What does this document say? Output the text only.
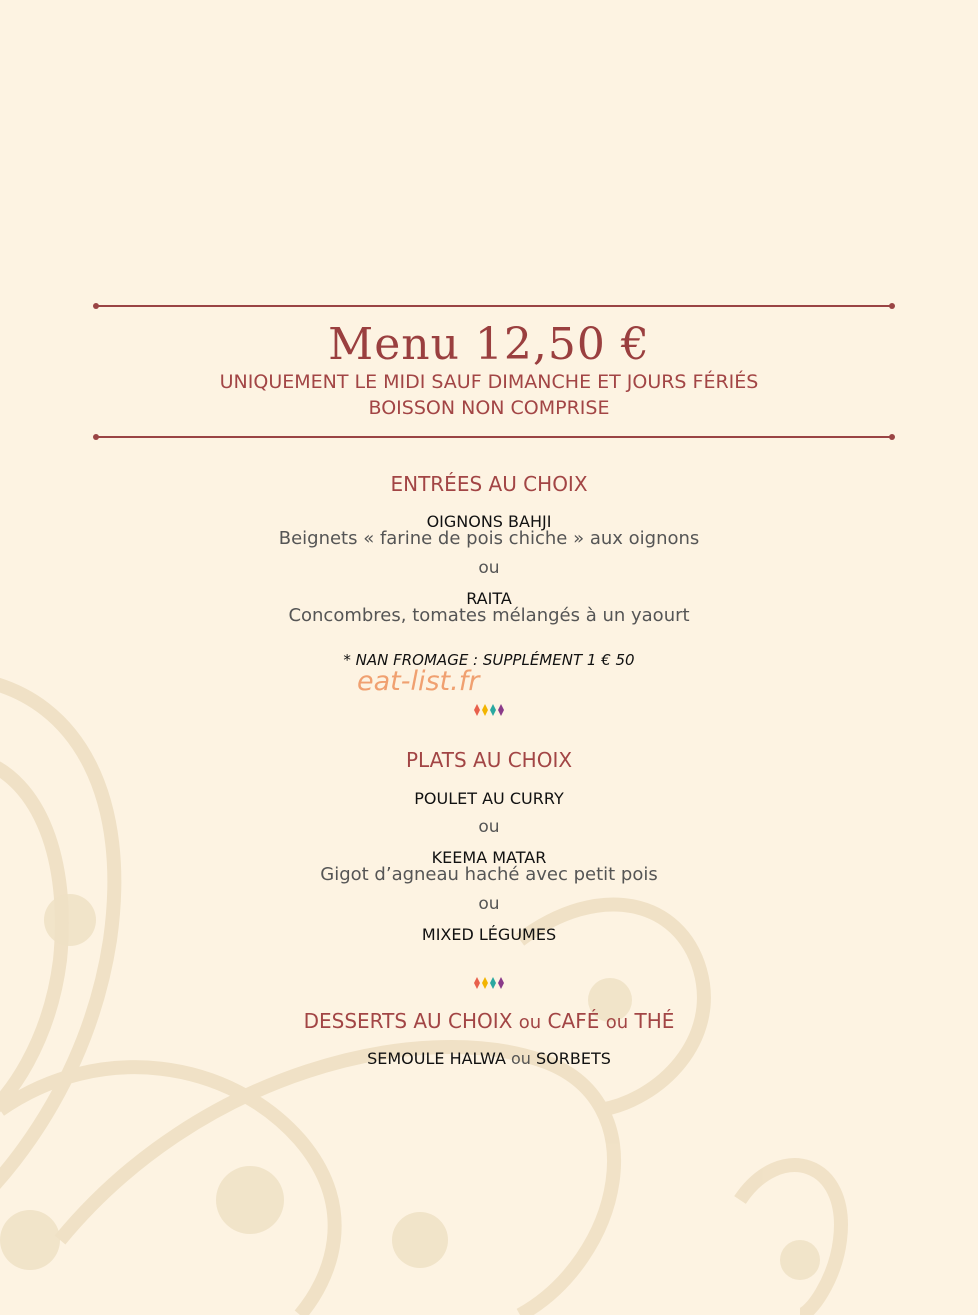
Menu 12,50 €
UNIQUEMENT LE MIDI SAUF DIMANCHE ET JOURS FÉRIÉS
BOISSON NON COMPRISE
ENTRÉES AU CHOIX
OIGNONS BAHJI
Beignets « farine de pois chiche » aux oignons
ou
RAITA
Concombres, tomates mélangés à un yaourt
* NAN FROMAGE : SUPPLÉMENT 1 € 50
eat-list.fr
PLATS AU CHOIX
POULET AU CURRY
ou
KEEMA MATAR
Gigot d’agneau haché avec petit pois
ou
MIXED LÉGUMES
DESSERTS AU CHOIX ou CAFÉ ou THÉ
SEMOULE HALWA ou SORBETS
